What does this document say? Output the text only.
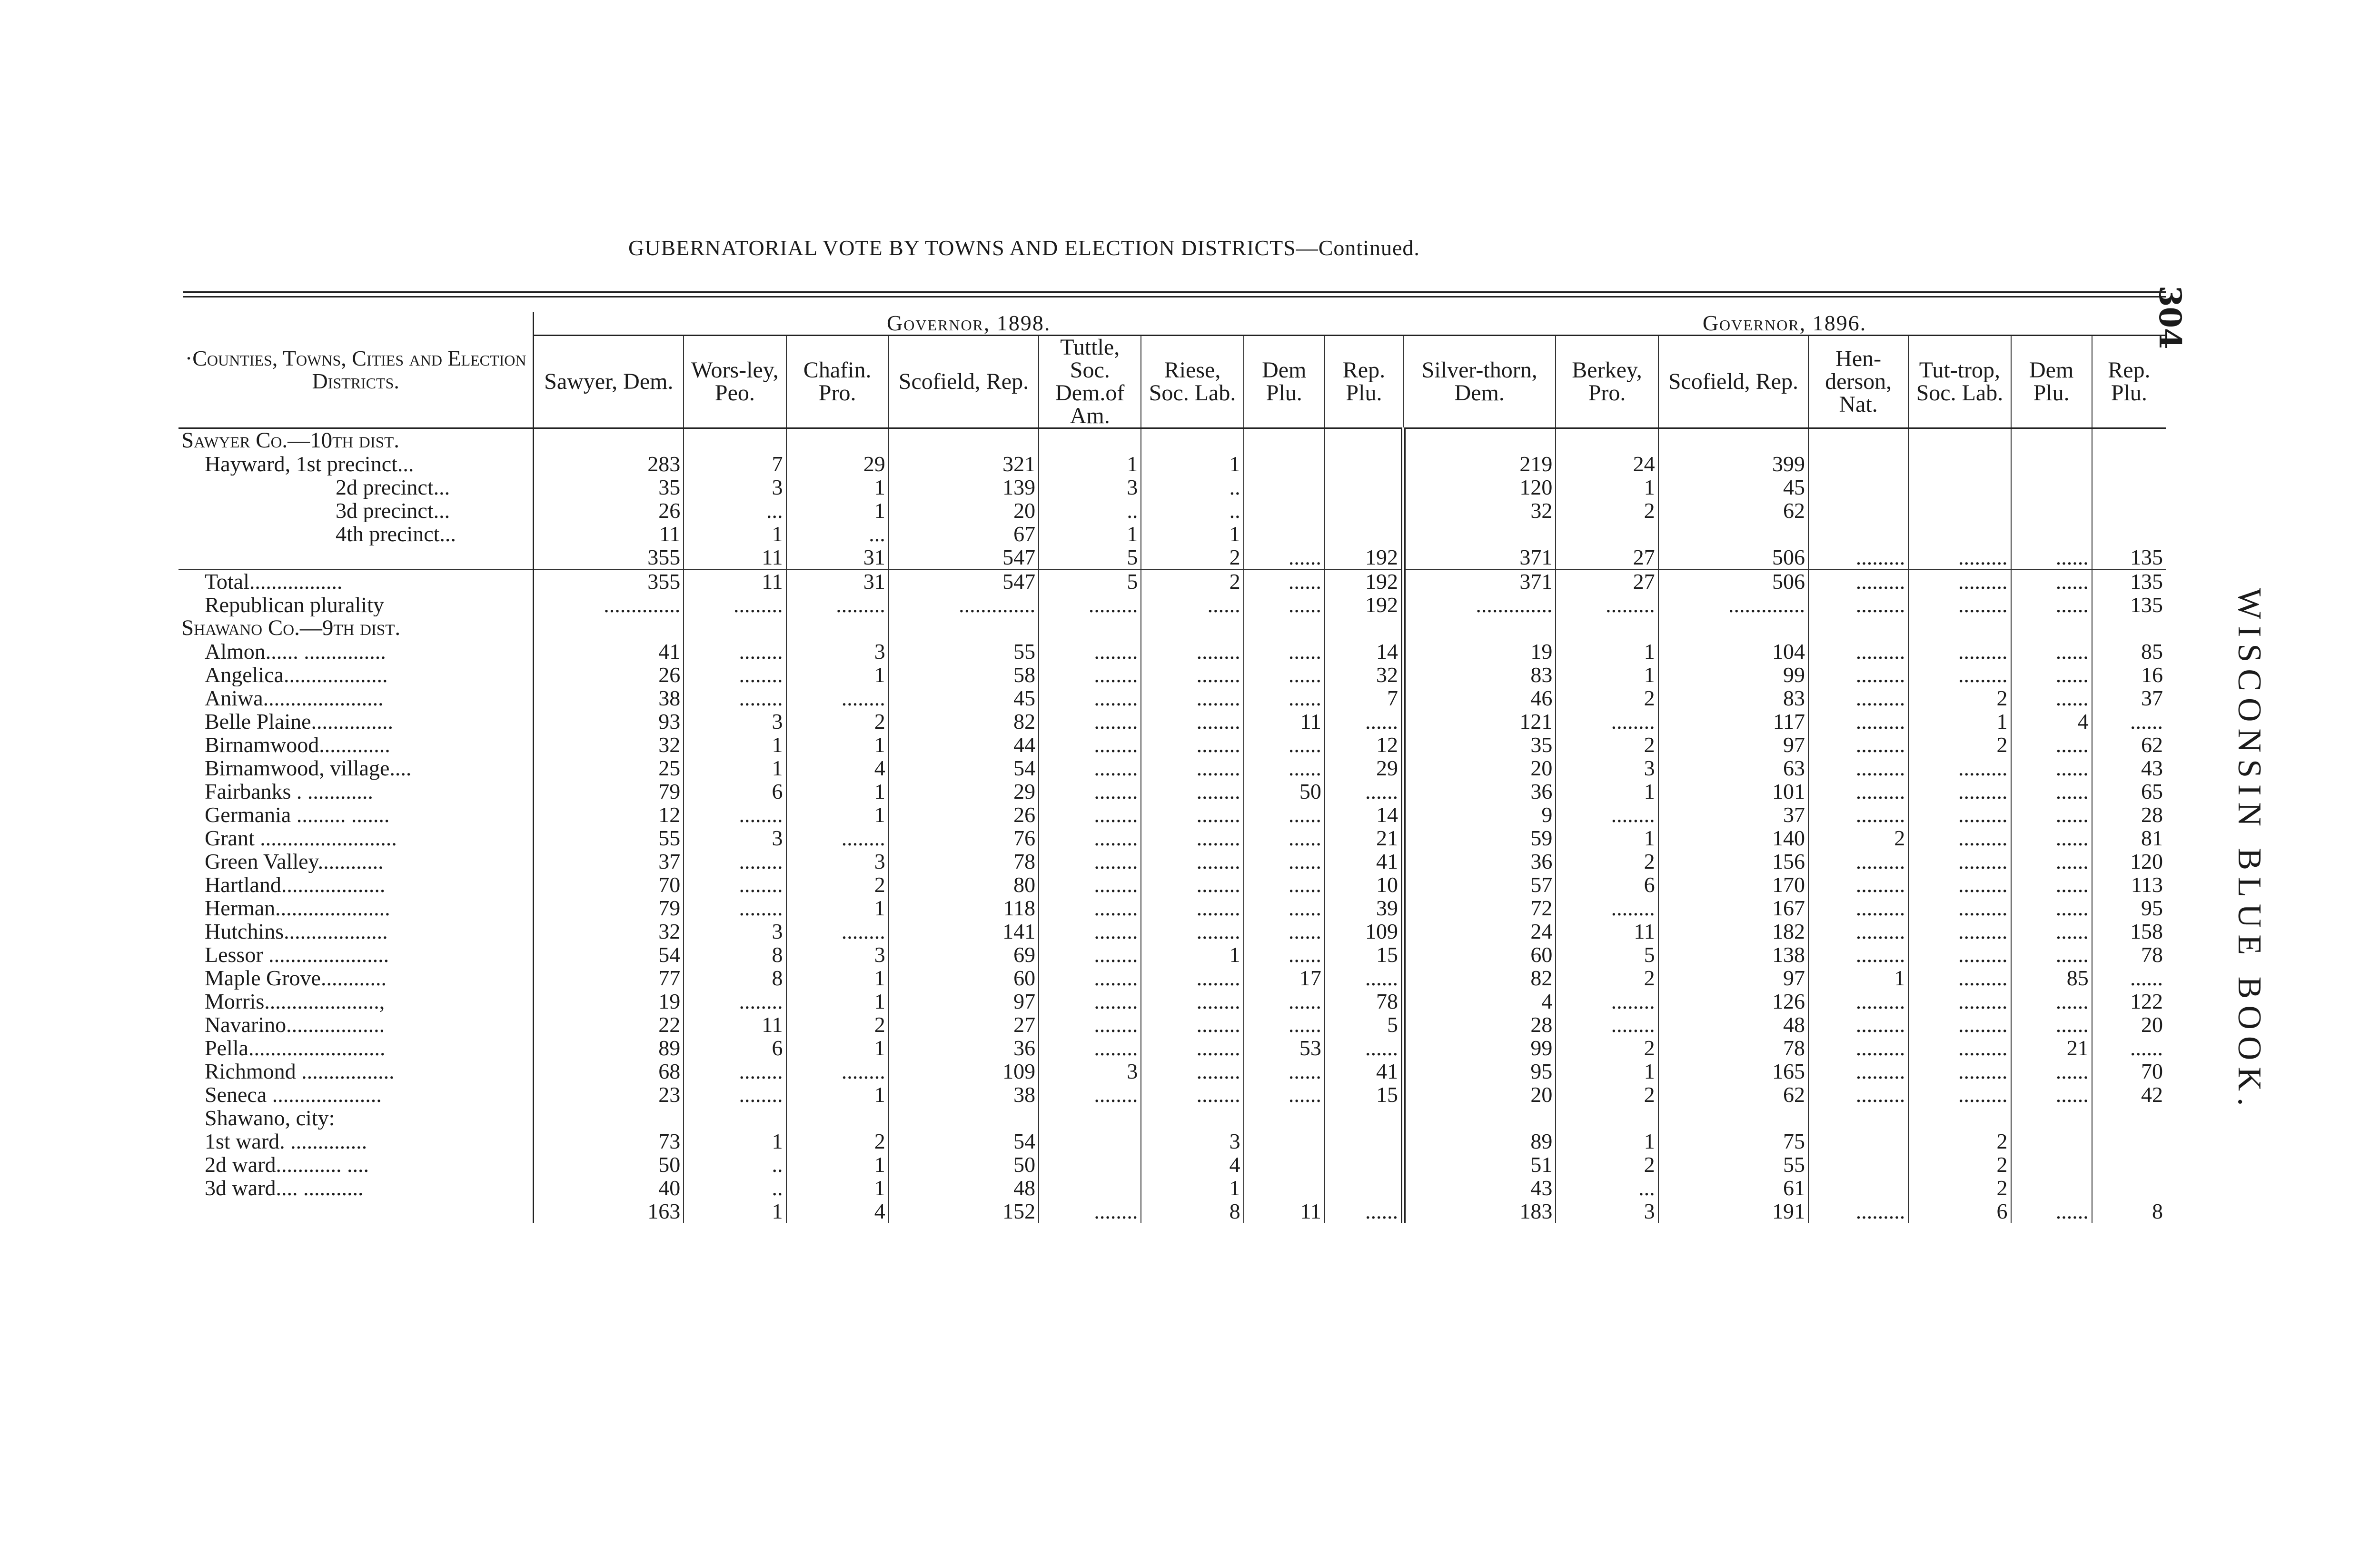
GUBERNATORIAL VOTE BY TOWNS AND ELECTION DISTRICTS—Continued.
304
WISCONSIN BLUE BOOK.
·Counties, Towns, Cities and Election Districts.	Governor, 1898.								Governor, 1896.						
	Sawyer, Dem.	Wors-ley, Peo.	Chafin. Pro.	Scofield, Rep.	Tuttle, Soc. Dem.of Am.	Riese, Soc. Lab.	Dem Plu.	Rep. Plu.	Silver-thorn, Dem.	Berkey, Pro.	Scofield, Rep.	Hen-derson, Nat.	Tut-trop, Soc. Lab.	Dem Plu.	Rep. Plu.
Sawyer Co.—10th dist.															
Hayward, 1st precinct...	283	7	29	321	1	1			219	24	399				
2d precinct...	35	3	1	139	3	..			120	1	45				
3d precinct...	26	...	1	20	..	..			32	2	62				
4th precinct...	11	1	...	67	1	1									
	355	11	31	547	5	2	......	192	371	27	506	.........	.........	......	135
Total.................	355	11	31	547	5	2	......	192	371	27	506	.........	.........	......	135
Republican plurality	..............	.........	.........	..............	.........	......	......	192	..............	.........	..............	.........	.........	......	135
Shawano Co.—9th dist.															
Almon...... ...............	41	........	3	55	........	........	......	14	19	1	104	.........	.........	......	85
Angelica...................	26	........	1	58	........	........	......	32	83	1	99	.........	.........	......	16
Aniwa......................	38	........	........	45	........	........	......	7	46	2	83	.........	2	......	37
Belle Plaine...............	93	3	2	82	........	........	11	......	121	........	117	.........	1	4	......
Birnamwood.............	32	1	1	44	........	........	......	12	35	2	97	.........	2	......	62
Birnamwood, village....	25	1	4	54	........	........	......	29	20	3	63	.........	.........	......	43
Fairbanks . ............	79	6	1	29	........	........	50	......	36	1	101	.........	.........	......	65
Germania ......... .......	12	........	1	26	........	........	......	14	9	........	37	.........	.........	......	28
Grant .........................	55	3	........	76	........	........	......	21	59	1	140	2	.........	......	81
Green Valley............	37	........	3	78	........	........	......	41	36	2	156	.........	.........	......	120
Hartland...................	70	........	2	80	........	........	......	10	57	6	170	.........	.........	......	113
Herman.....................	79	........	1	118	........	........	......	39	72	........	167	.........	.........	......	95
Hutchins...................	32	3	........	141	........	........	......	109	24	11	182	.........	.........	......	158
Lessor ......................	54	8	3	69	........	1	......	15	60	5	138	.........	.........	......	78
Maple Grove............	77	8	1	60	........	........	17	......	82	2	97	1	.........	85	......
Morris.....................,	19	........	1	97	........	........	......	78	4	........	126	.........	.........	......	122
Navarino..................	22	11	2	27	........	........	......	5	28	........	48	.........	.........	......	20
Pella.........................	89	6	1	36	........	........	53	......	99	2	78	.........	.........	21	......
Richmond .................	68	........	........	109	3	........	......	41	95	1	165	.........	.........	......	70
Seneca ....................	23	........	1	38	........	........	......	15	20	2	62	.........	.........	......	42
Shawano, city:															
1st ward. ..............	73	1	2	54		3			89	1	75		2		
2d ward............ ....	50	..	1	50		4			51	2	55		2		
3d ward.... ...........	40	..	1	48		1			43	...	61		2		
	163	1	4	152	........	8	11	......	183	3	191	.........	6	......	8
